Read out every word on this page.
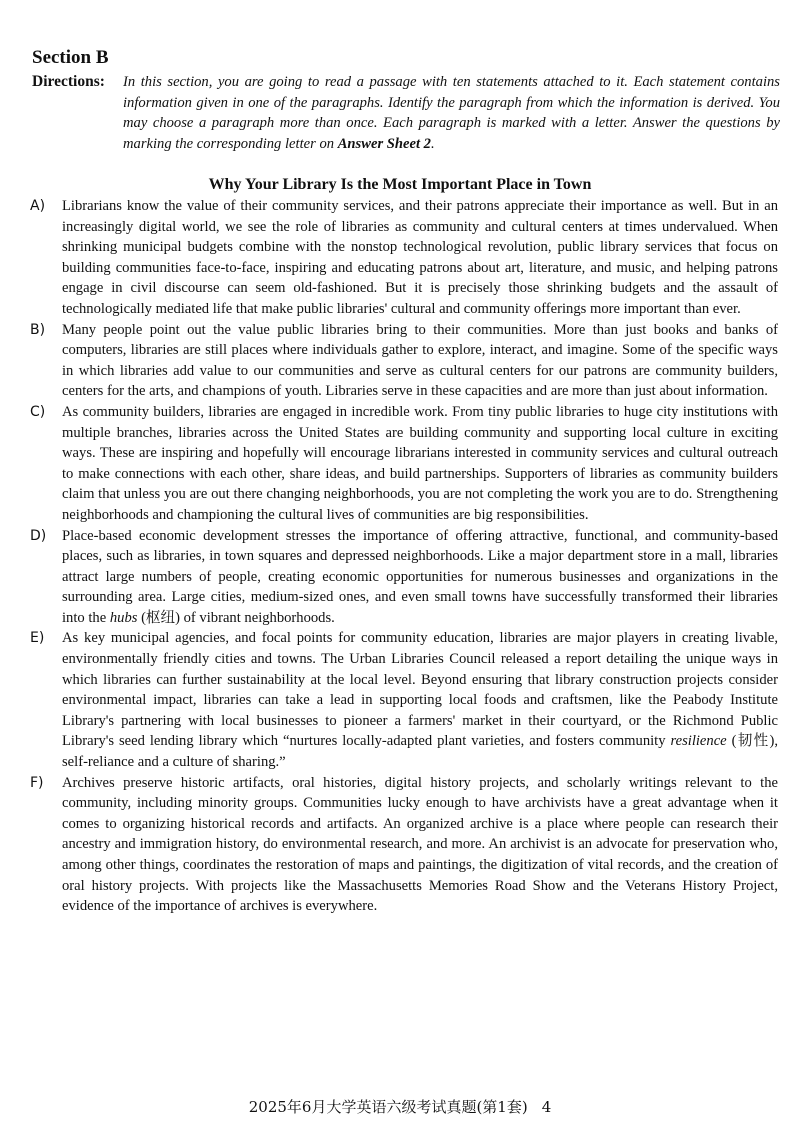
Section B
Directions: In this section, you are going to read a passage with ten statements attached to it. Each statement contains information given in one of the paragraphs. Identify the paragraph from which the information is derived. You may choose a paragraph more than once. Each paragraph is marked with a letter. Answer the questions by marking the corresponding letter on Answer Sheet 2.
Why Your Library Is the Most Important Place in Town

A)	Librarians know the value of their community services, and their patrons appreciate their importance as well. But in an increasingly digital world, we see the role of libraries as community and cultural centers at times undervalued. When shrinking municipal budgets combine with the nonstop technological revolution, public library services that focus on building communities face-to-face, inspiring and educating patrons about art, literature, and music, and helping patrons engage in civil discourse can seem old-fashioned. But it is precisely those shrinking budgets and the assault of technologically mediated life that make public libraries' cultural and community offerings more important than ever.

B)	Many people point out the value public libraries bring to their communities. More than just books and banks of computers, libraries are still places where individuals gather to explore, interact, and imagine. Some of the specific ways in which libraries add value to our communities and serve as cultural centers for our patrons are community builders, centers for the arts, and champions of youth. Libraries serve in these capacities and are more than just about information.

C)	As community builders, libraries are engaged in incredible work. From tiny public libraries to huge city institutions with multiple branches, libraries across the United States are building community and supporting local culture in exciting ways. These are inspiring and hopefully will encourage librarians interested in community services and cultural outreach to make connections with each other, share ideas, and build partnerships. Supporters of libraries as community builders claim that unless you are out there changing neighborhoods, you are not completing the work you are to do. Strengthening neighborhoods and championing the cultural lives of communities are big responsibilities.

D)	Place-based economic development stresses the importance of offering attractive, functional, and community-based places, such as libraries, in town squares and depressed neighborhoods. Like a major department store in a mall, libraries attract large numbers of people, creating economic opportunities for numerous businesses and organizations in the surrounding area. Large cities, medium-sized ones, and even small towns have successfully transformed their libraries into the hubs (枢纽) of vibrant neighborhoods.

E)	As key municipal agencies, and focal points for community education, libraries are major players in creating livable, environmentally friendly cities and towns. The Urban Libraries Council released a report detailing the unique ways in which libraries can further sustainability at the local level. Beyond ensuring that library construction projects consider environmental impact, libraries can take a lead in supporting local foods and craftsmen, like the Peabody Institute Library's partnering with local businesses to pioneer a farmers' market in their courtyard, or the Richmond Public Library's seed lending library which “nurtures locally-adapted plant varieties, and fosters community resilience (韧性), self-reliance and a culture of sharing.”

F)	Archives preserve historic artifacts, oral histories, digital history projects, and scholarly writings relevant to the community, including minority groups. Communities lucky enough to have archivists have a great advantage when it comes to organizing historical records and artifacts. An organized archive is a place where people can research their ancestry and immigration history, do environmental research, and more. An archivist is an advocate for preservation who, among other things, coordinates the restoration of maps and paintings, the digitization of vital records, and the creation of oral history projects. With projects like the Massachusetts Memories Road Show and the Veterans History Project, evidence of the importance of archives is everywhere.

2025年6月大学英语六级考试真题(第1套) 4
